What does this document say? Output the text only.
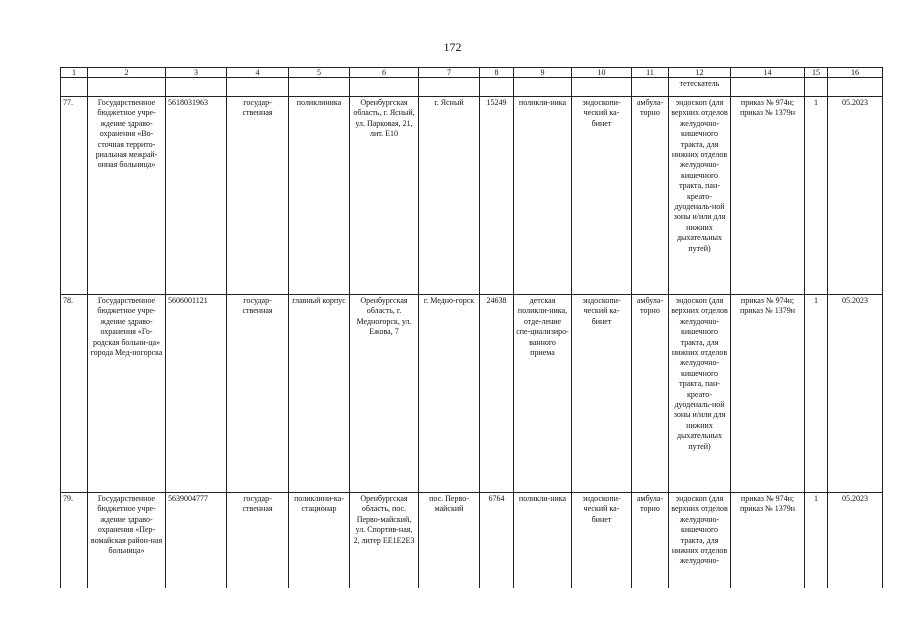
172
1	2	3	4	5	6	7	8	9	10	11	12	14	15	16
											тетескатель			
77.	Государственное бюджетное учре-ждение здраво-охранения «Во-сточная террито-риальная межрай-онная больница»	5618031963	государ-ственная	поликлиника	Оренбургская область, г. Ясный, ул. Парковая, 21, лит. Е10	г. Ясный	15249	поликли-ника	эндоскопи-ческий ка-бинет	амбула-торно	эндоскоп (для верхних отделов желудочно-кишечного тракта, для нижних отделов желудочно-кишечного тракта, пан-креато-дуоденаль-ной зоны и/или для нижних дыхательных путей)	приказ № 974н; приказ № 1379н	1	05.2023
78.	Государственное бюджетное учре-ждение здраво-охранения «Го-родская больни-ца» города Мед-ногорска	5606001121	государ-ственная	главный корпус	Оренбургская область, г. Медногорск, ул. Ежова, 7	г. Медно-горск	24638	детская поликли-ника, отде-ление спе-циализиро-ванного приема	эндоскопи-ческий ка-бинет	амбула-торно	эндоскоп (для верхних отделов желудочно-кишечного тракта, для нижних отделов желудочно-кишечного тракта, пан-креато-дуоденаль-ной зоны и/или для нижних дыхательных путей)	приказ № 974н; приказ № 1379н	1	05.2023
79.	Государственное бюджетное учре-ждение здраво-охранения «Пер-вомайская район-ная больница»	5639004777	государ-ственная	поликлини-ка-стационар	Оренбургская область, пос. Перво-майский, ул. Спортив-ная, 2, литер ЕЕ1Е2Е3	пос. Перво-майский	6764	поликли-ника	эндоскопи-ческий ка-бинет	амбула-торно	эндоскоп (для верхних отделов желудочно-кишечного тракта, для нижних отделов желудочно-	приказ № 974н; приказ № 1379н	1	05.2023
